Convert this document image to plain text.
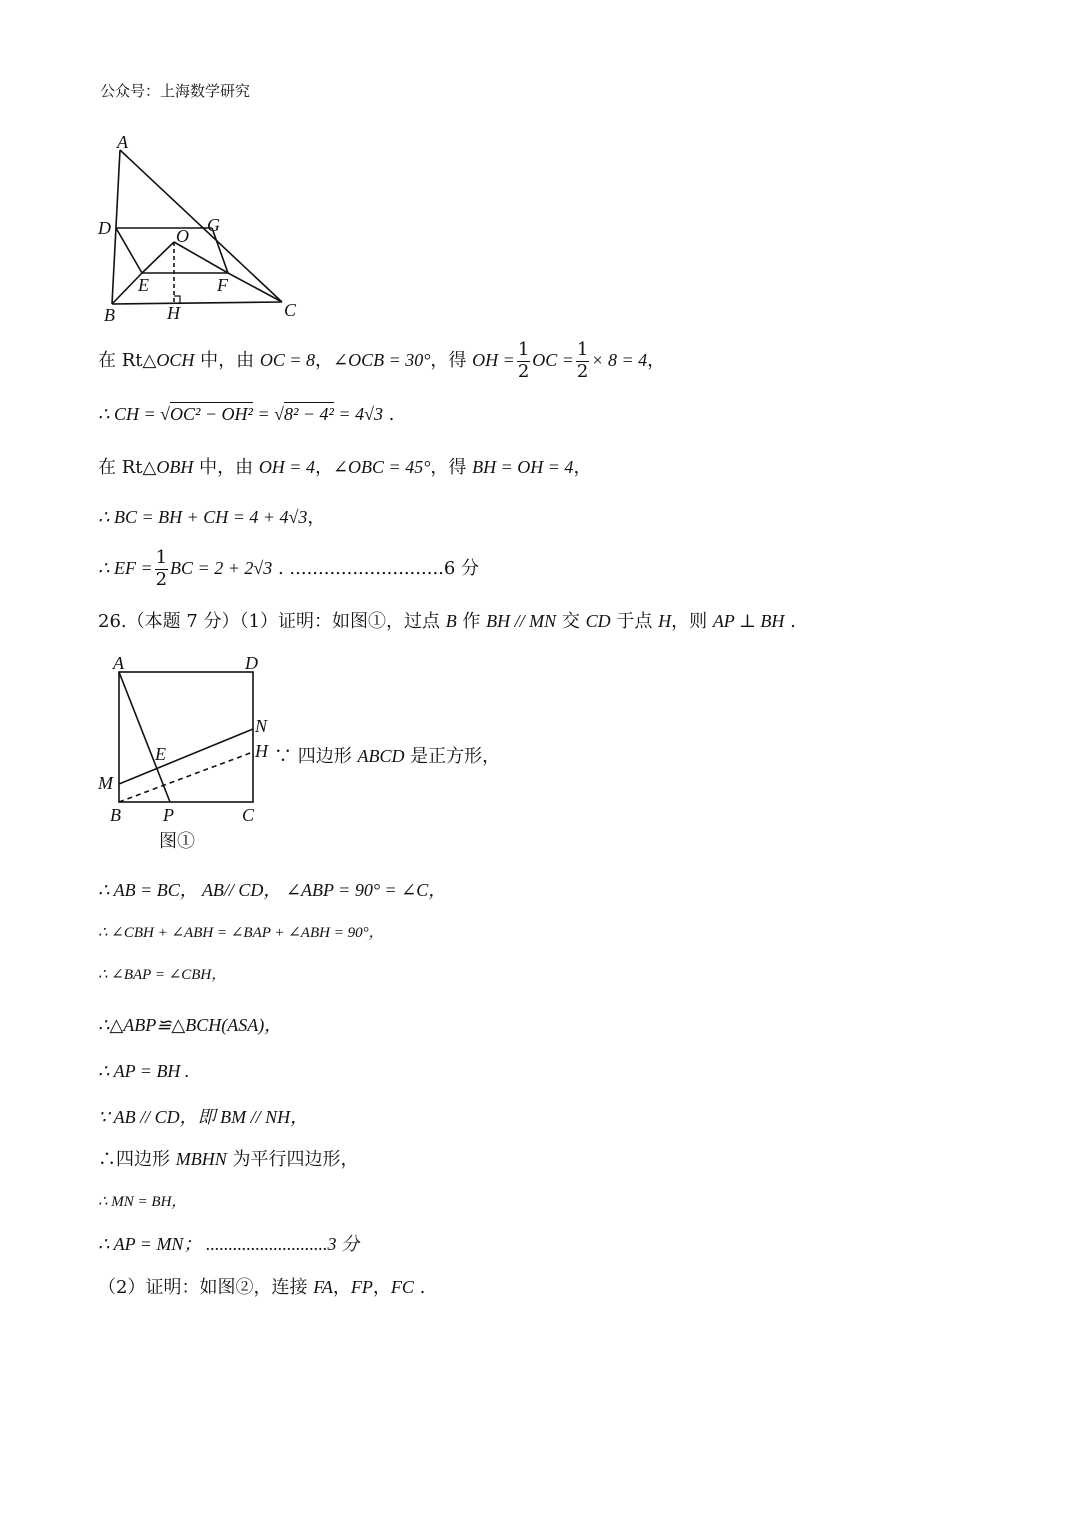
公众号：上海数学研究
A
D	G
O
E	F
B	H	C
在 Rt△OCH 中，由 OC = 8，∠OCB = 30°，得 OH = $\frac{1}{2}$ OC = $\frac{1}{2} \times 8 = 4$，
∴ CH = √OC² − OH² = √8² − 4² = 4√3 .
在 Rt△OBH 中，由 OH = 4，∠OBC = 45°，得 BH = OH = 4，
∴ BC = BH + CH = 4 + 4√3，
∴ EF = $\frac{1}{2}$ BC = 2 + 2√3 . ...........................6 分
26.（本题 7 分）（1）证明：如图①，过点 B 作 BH // MN 交 CD 于点 H，则 AP ⊥ BH .
A	D
N
E	H
M
B P	C
图①
∵ 四边形 ABCD 是正方形，
∴ AB = BC， AB// CD， ∠ABP = 90° = ∠C，
∴ ∠CBH + ∠ABH = ∠BAP + ∠ABH = 90°，
∴ ∠BAP = ∠CBH，
∴△ABP≌△BCH(ASA)，
∴ AP = BH .
∵ AB // CD，即 BM // NH，
∴四边形 MBHN 为平行四边形，
∴ MN = BH，
∴ AP = MN； ...........................3 分
（2）证明：如图②，连接 FA，FP，FC .
